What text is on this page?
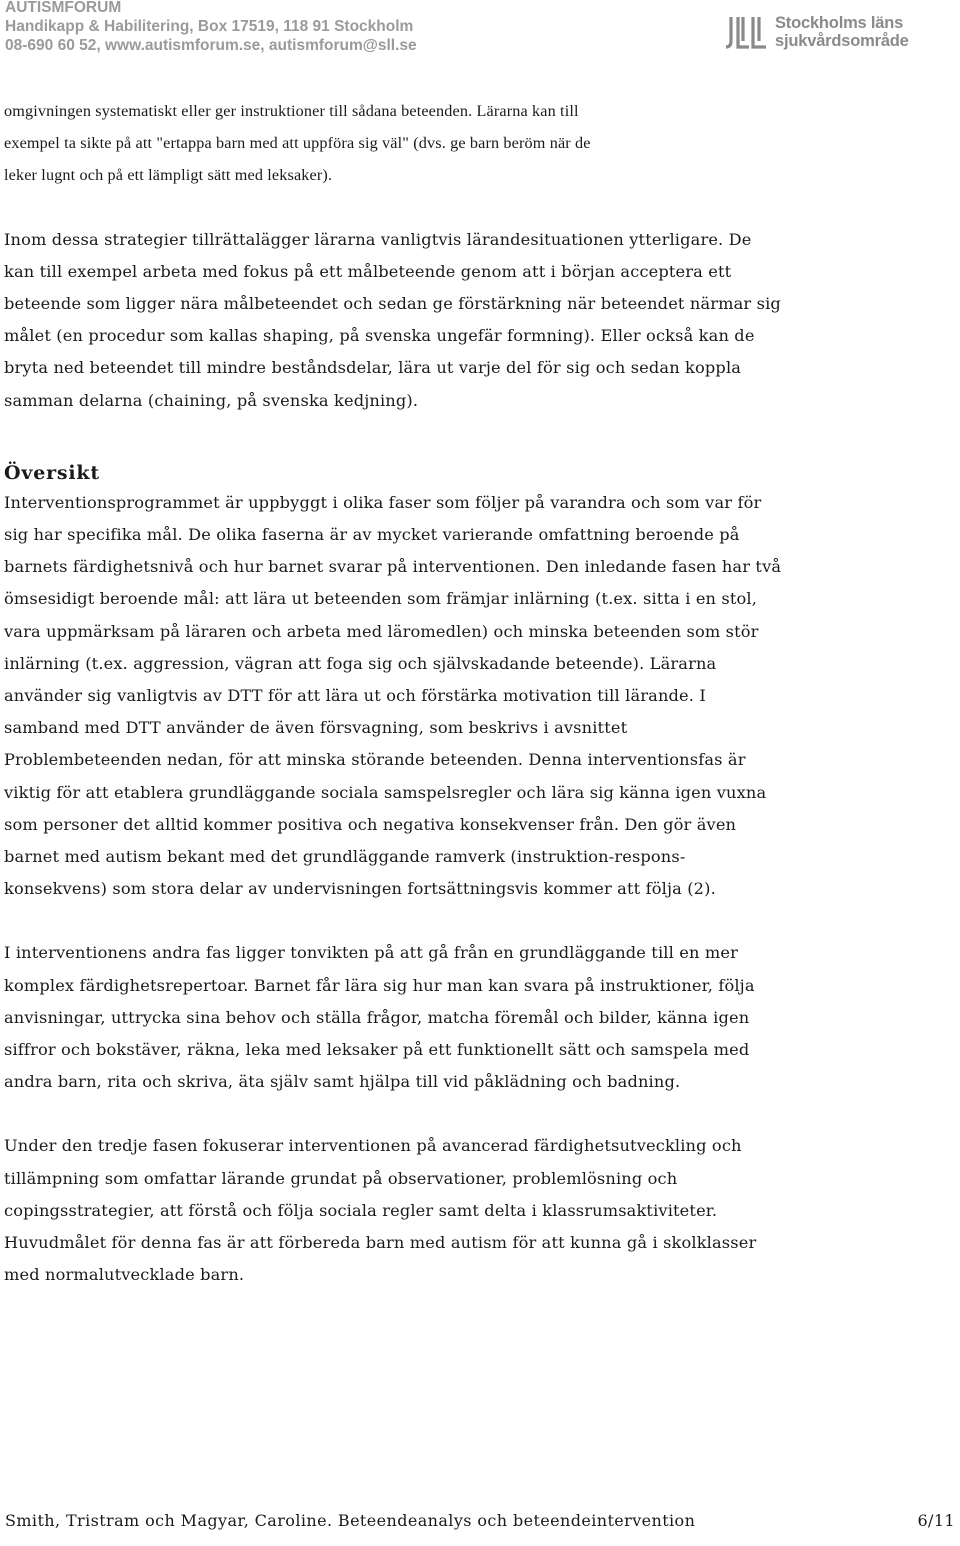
AUTISMFORUM
Handikapp & Habilitering, Box 17519, 118 91 Stockholm
08-690 60 52, www.autismforum.se, autismforum@sll.se
Stockholms läns
sjukvårdsområde

omgivningen systematiskt eller ger instruktioner till sådana beteenden. Lärarna kan till
exempel ta sikte på att "ertappa barn med att uppföra sig väl" (dvs. ge barn beröm när de
leker lugnt och på ett lämpligt sätt med leksaker).

Inom dessa strategier tillrättalägger lärarna vanligtvis lärandesituationen ytterligare. De
kan till exempel arbeta med fokus på ett målbeteende genom att i början acceptera ett
beteende som ligger nära målbeteendet och sedan ge förstärkning när beteendet närmar sig
målet (en procedur som kallas shaping, på svenska ungefär formning). Eller också kan de
bryta ned beteendet till mindre beståndsdelar, lära ut varje del för sig och sedan koppla
samman delarna (chaining, på svenska kedjning).

Översikt

Interventionsprogrammet är uppbyggt i olika faser som följer på varandra och som var för
sig har specifika mål. De olika faserna är av mycket varierande omfattning beroende på
barnets färdighetsnivå och hur barnet svarar på interventionen. Den inledande fasen har två
ömsesidigt beroende mål: att lära ut beteenden som främjar inlärning (t.ex. sitta i en stol,
vara uppmärksam på läraren och arbeta med läromedlen) och minska beteenden som stör
inlärning (t.ex. aggression, vägran att foga sig och självskadande beteende). Lärarna
använder sig vanligtvis av DTT för att lära ut och förstärka motivation till lärande. I
samband med DTT använder de även försvagning, som beskrivs i avsnittet
Problembeteenden nedan, för att minska störande beteenden. Denna interventionsfas är
viktig för att etablera grundläggande sociala samspelsregler och lära sig känna igen vuxna
som personer det alltid kommer positiva och negativa konsekvenser från. Den gör även
barnet med autism bekant med det grundläggande ramverk (instruktion-respons-
konsekvens) som stora delar av undervisningen fortsättningsvis kommer att följa (2).

I interventionens andra fas ligger tonvikten på att gå från en grundläggande till en mer
komplex färdighetsrepertoar. Barnet får lära sig hur man kan svara på instruktioner, följa
anvisningar, uttrycka sina behov och ställa frågor, matcha föremål och bilder, känna igen
siffror och bokstäver, räkna, leka med leksaker på ett funktionellt sätt och samspela med
andra barn, rita och skriva, äta själv samt hjälpa till vid påklädning och badning.

Under den tredje fasen fokuserar interventionen på avancerad färdighetsutveckling och
tillämpning som omfattar lärande grundat på observationer, problemlösning och
copingsstrategier, att förstå och följa sociala regler samt delta i klassrumsaktiviteter.
Huvudmålet för denna fas är att förbereda barn med autism för att kunna gå i skolklasser
med normalutvecklade barn.

Smith, Tristram och Magyar, Caroline. Beteendeanalys och beteendeintervention	6/11
